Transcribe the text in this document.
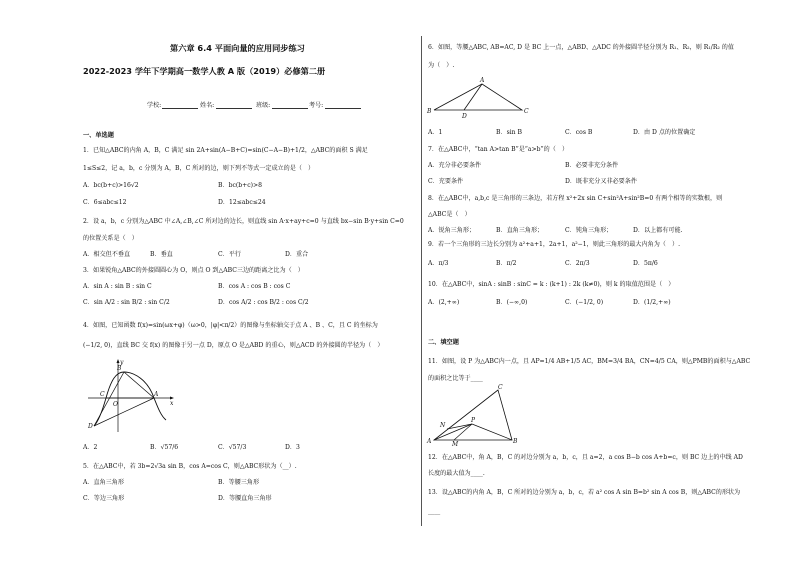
第六章 6.4 平面向量的应用同步练习
2022-2023 学年下学期高一数学人教 A 版（2019）必修第二册
学校:	姓名:	班级:	考号:
一、单选题
1．已知△ABC的内角 A，B，C 满足 sin 2A+sin(A−B+C)=sin(C−A−B)+1/2，△ABC的面积 S 满足
1≤S≤2，记 a，b，c 分别为 A，B，C 所对的边，则下列不等式一定成立的是（　）
A．bc(b+c)>16√2	B．bc(b+c)>8
C．6≤abc≤12	D．12≤abc≤24
2．设 a，b，c 分别为△ABC 中∠A,∠B,∠C 所对边的边长，则直线 sin A·x+ay+c=0 与直线 bx−sin B·y+sin C=0
的位置关系是（　）
A．相交但不垂直	B．垂直	C．平行	D．重合
3．如果锐角△ABC的外接圆圆心为 O，则点 O 到△ABC三边的距离之比为（　）
A．sin A : sin B : sin C	B．cos A : cos B : cos C
C．sin A/2 : sin B/2 : sin C/2	D．cos A/2 : cos B/2 : cos C/2
4．如图，已知函数 f(x)=sin(ωx+φ)（ω>0，|φ|<π/2）的图像与坐标轴交于点 A 、B 、C，且 C 的坐标为
(−1/2, 0)，直线 BC 交 f(x) 的图像于另一点 D，原点 O 是△ABD 的重心，则△ACD 的外接圆的半径为（　）
y
B
C
O
A
x
D
A．2	B．√57/6	C．√57/3	D．3
5．在△ABC中，若 3b=2√3a sin B，cos A=cos C，则△ABC形状为（__）.
A．直角三角形	B．等腰三角形
C．等边三角形	D．等腰直角三角形
6．如图，等腰△ABC, AB=AC, D 是 BC 上一点，△ABD、△ADC 的外接圆半径分别为 R₁、R₂，则 R₁/R₂ 的值
为（　）.
A
B
D
C
A．1	B．sin B	C．cos B	D．由 D 点的位置确定
7．在△ABC中，“tan A>tan B”是“a>b”的（　）
A．充分非必要条件	B．必要非充分条件
C．充要条件	D．既非充分又非必要条件
8．在△ABC中，a,b,c 是三角形的三条边，若方程 x²+2x sin C+sin²A+sin²B=0 有两个相等的实数根，则
△ABC是（　）
A．锐角三角形；	B．直角三角形；	C．钝角三角形；	D．以上都有可能.
9．若一个三角形的三边长分别为 a²+a+1，2a+1，a²−1，则此三角形的最大内角为（　）.
A．π/3	B．π/2	C．2π/3	D．5π/6
10．在△ABC中，sinA : sinB : sinC = k : (k+1) : 2k (k≠0)，则 k 的取值范围是（　）
A．(2,+∞)	B．(−∞,0)	C．(−1/2, 0)	D．(1/2,+∞)
二、填空题
11．如图，设 P 为△ABC内一点，且 AP=1/4 AB+1/5 AC，BM=3/4 BA，CN=4/5 CA，则△PMB的面积与△ABC
的面积之比等于____
C
N
P
A	M	B
12．在△ABC中，角 A，B，C 的对边分别为 a，b，c，且 a=2，a cos B−b cos A+b=c，则 BC 边上的中线 AD
长度的最大值为____.
13．设△ABC的内角 A，B，C 所对的边分别为 a，b，c，若 a² cos A sin B=b² sin A cos B，则△ABC的形状为
____
